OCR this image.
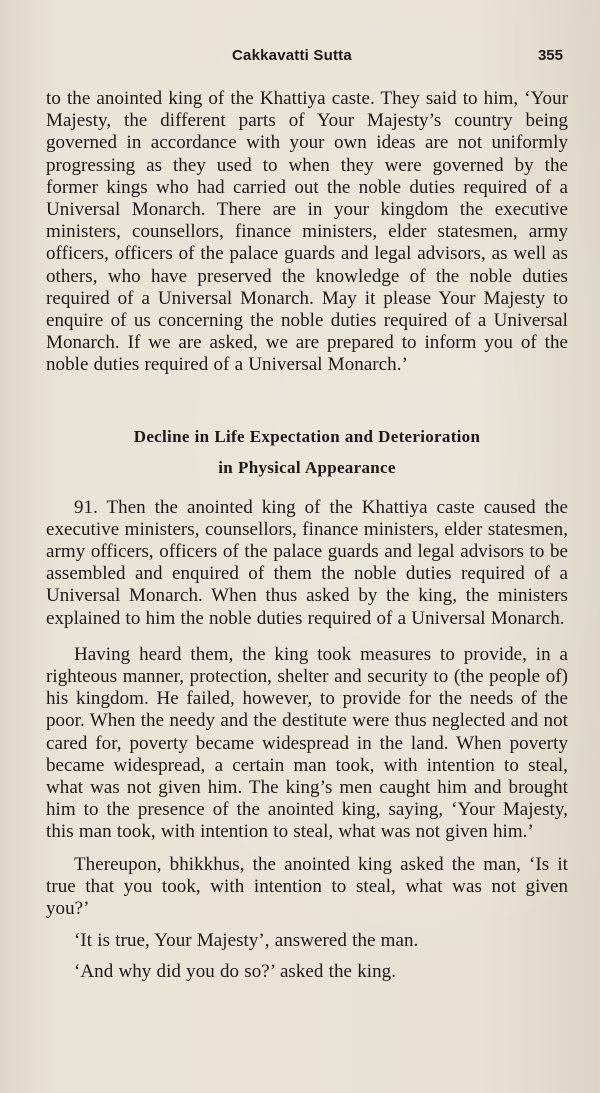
Cakkavatti Sutta	355

to the anointed king of the Khattiya caste. They said to him, ‘Your Majesty, the different parts of Your Majesty’s country being governed in accordance with your own ideas are not uniformly progressing as they used to when they were governed by the former kings who had carried out the noble duties required of a Universal Monarch. There are in your kingdom the executive ministers, counsellors, finance ministers, elder statesmen, army officers, officers of the palace guards and legal advisors, as well as others, who have preserved the knowledge of the noble duties required of a Universal Monarch. May it please Your Majesty to enquire of us concerning the noble duties required of a Universal Monarch. If we are asked, we are prepared to inform you of the noble duties required of a Universal Monarch.’

Decline in Life Expectation and Deterioration
in Physical Appearance

91. Then the anointed king of the Khattiya caste caused the executive ministers, counsellors, finance ministers, elder statesmen, army officers, officers of the palace guards and legal advisors to be assembled and enquired of them the noble duties required of a Universal Monarch. When thus asked by the king, the ministers explained to him the noble duties required of a Universal Monarch.

Having heard them, the king took measures to provide, in a righteous manner, protection, shelter and security to (the people of) his kingdom. He failed, however, to provide for the needs of the poor. When the needy and the destitute were thus neglected and not cared for, poverty became widespread in the land. When poverty became widespread, a certain man took, with intention to steal, what was not given him. The king’s men caught him and brought him to the presence of the anointed king, saying, ‘Your Majesty, this man took, with intention to steal, what was not given him.’

Thereupon, bhikkhus, the anointed king asked the man, ‘Is it true that you took, with intention to steal, what was not given you?’

‘It is true, Your Majesty’, answered the man.

‘And why did you do so?’ asked the king.
